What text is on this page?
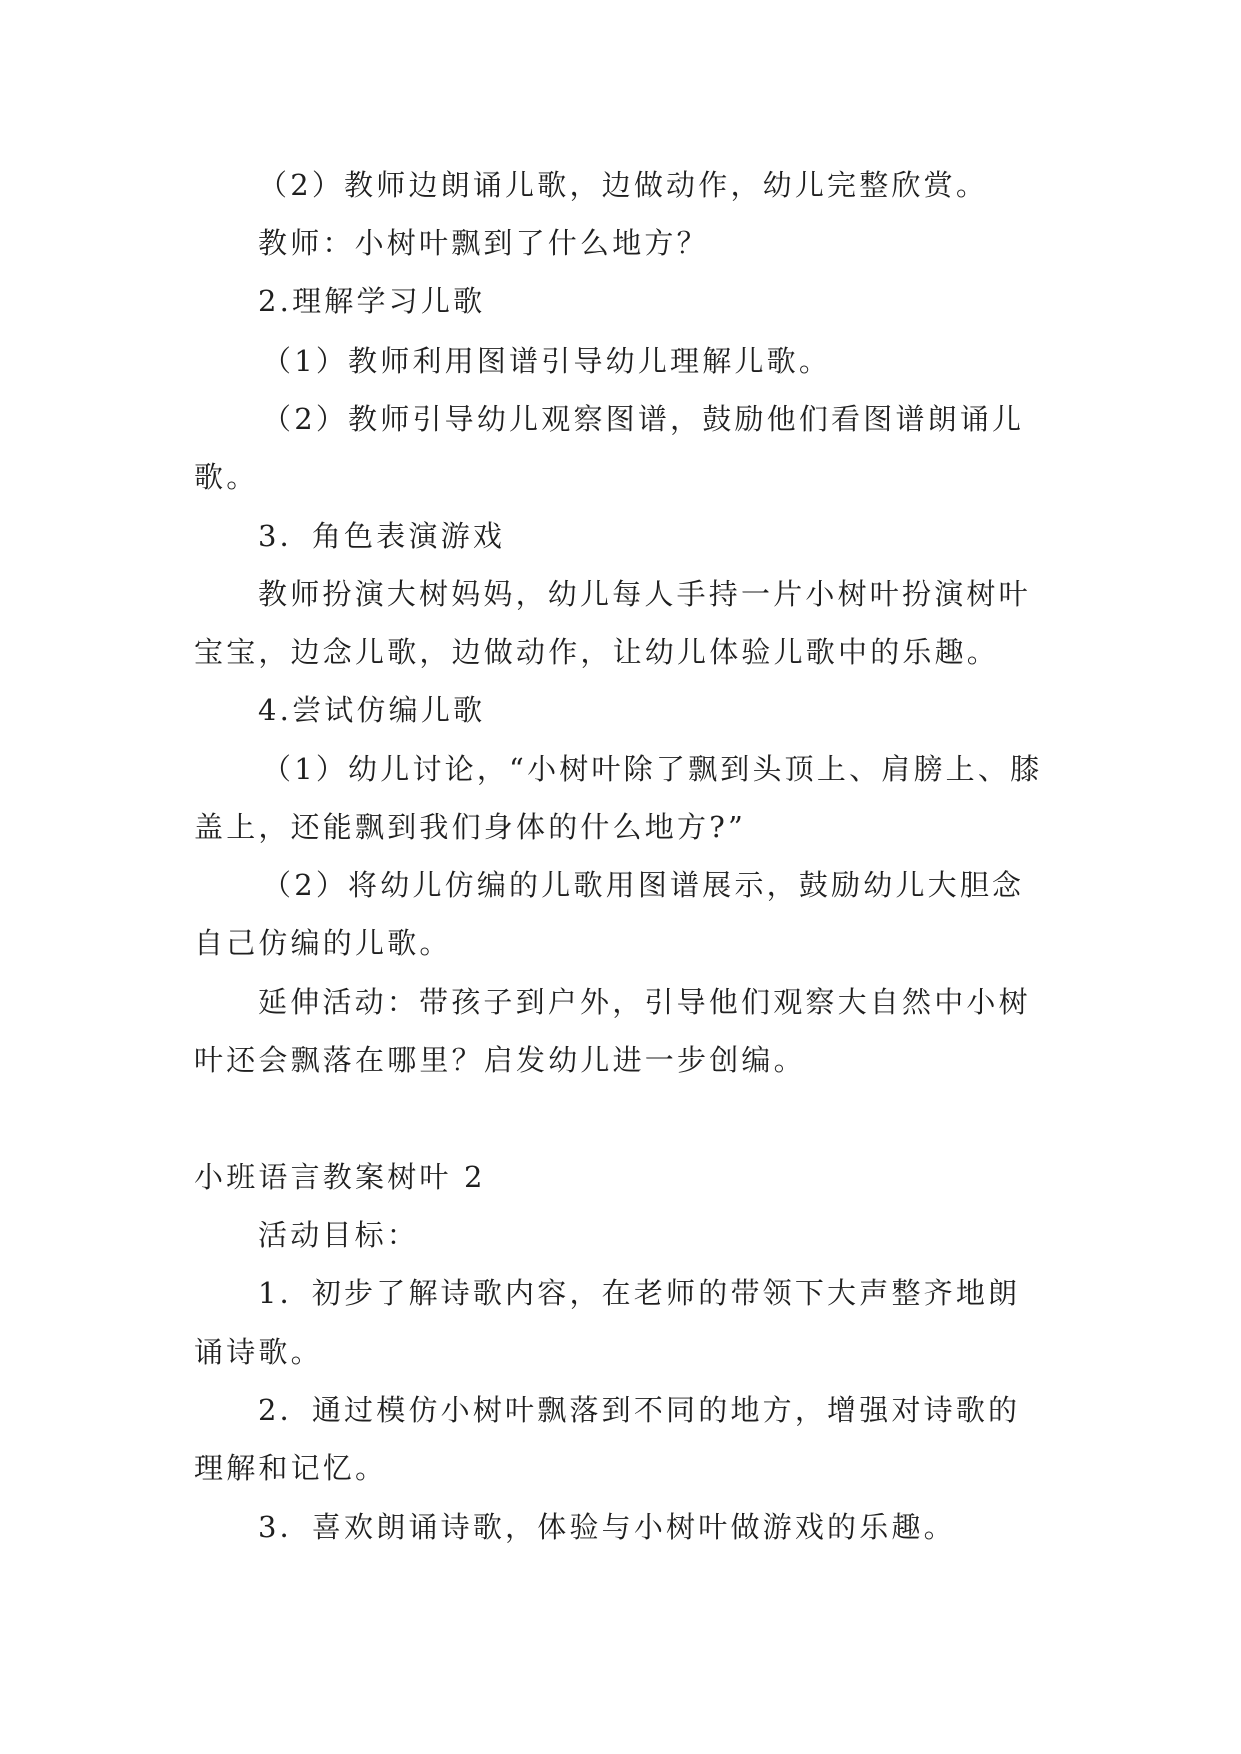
（2）教师边朗诵儿歌，边做动作，幼儿完整欣赏。
教师：小树叶飘到了什么地方？
2.理解学习儿歌
（1）教师利用图谱引导幼儿理解儿歌。
（2）教师引导幼儿观察图谱，鼓励他们看图谱朗诵儿
歌。
3．角色表演游戏
教师扮演大树妈妈，幼儿每人手持一片小树叶扮演树叶
宝宝，边念儿歌，边做动作，让幼儿体验儿歌中的乐趣。
4.尝试仿编儿歌
（1）幼儿讨论，“小树叶除了飘到头顶上、肩膀上、膝
盖上，还能飘到我们身体的什么地方?”
（2）将幼儿仿编的儿歌用图谱展示，鼓励幼儿大胆念
自己仿编的儿歌。
延伸活动：带孩子到户外，引导他们观察大自然中小树
叶还会飘落在哪里？启发幼儿进一步创编。
小班语言教案树叶 2
活动目标：
1．初步了解诗歌内容，在老师的带领下大声整齐地朗
诵诗歌。
2．通过模仿小树叶飘落到不同的地方，增强对诗歌的
理解和记忆。
3．喜欢朗诵诗歌，体验与小树叶做游戏的乐趣。
